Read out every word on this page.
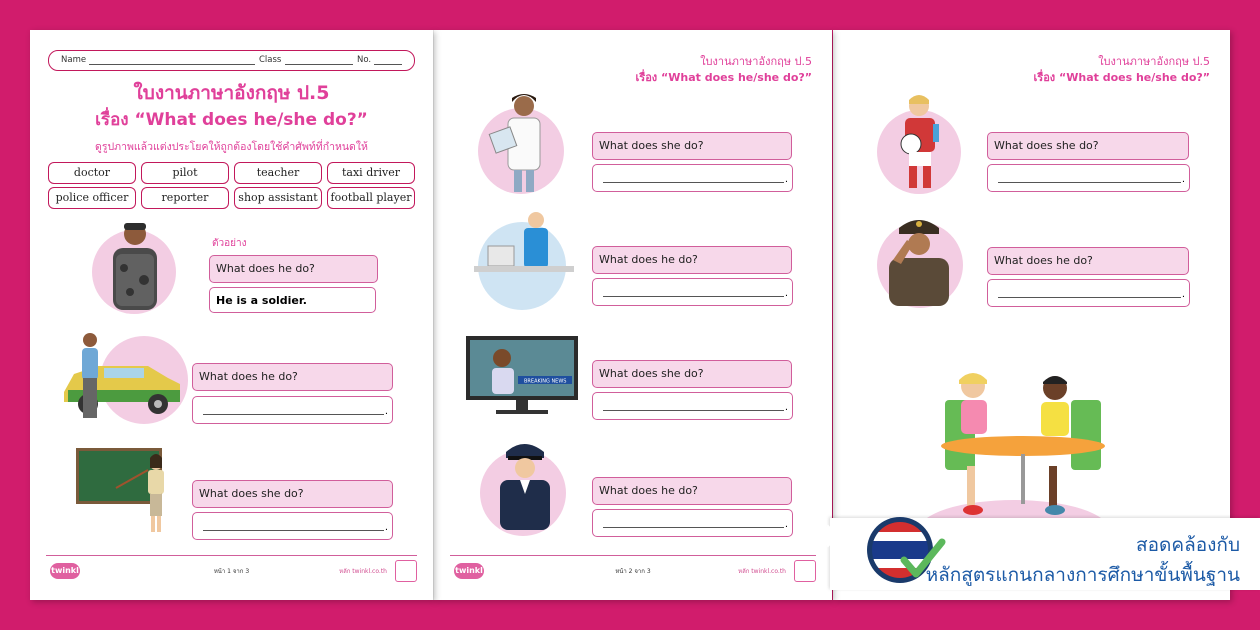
Name	Class	No.
ใบงานภาษาอังกฤษ ป.5
เรื่อง “What does he/she do?”
ดูรูปภาพแล้วแต่งประโยคให้ถูกต้องโดยใช้คำศัพท์ที่กำหนดให้
doctor	pilot	teacher	taxi driver
police officer	reporter	shop assistant	football player
ตัวอย่าง
What does he do?
He is a soldier.
What does he do?
.
What does she do?
.
twinkl	หน้า 1 จาก 3	หลัก twinkl.co.th
ใบงานภาษาอังกฤษ ป.5
เรื่อง “What does he/she do?”
What does she do?
.
What does he do?
.
BREAKING NEWS
What does she do?
.
What does he do?
.
twinkl	หน้า 2 จาก 3	หลัก twinkl.co.th
ใบงานภาษาอังกฤษ ป.5
เรื่อง “What does he/she do?”
What does she do?
.
What does he do?
.
สอดคล้องกับ
หลักสูตรแกนกลางการศึกษาขั้นพื้นฐาน
